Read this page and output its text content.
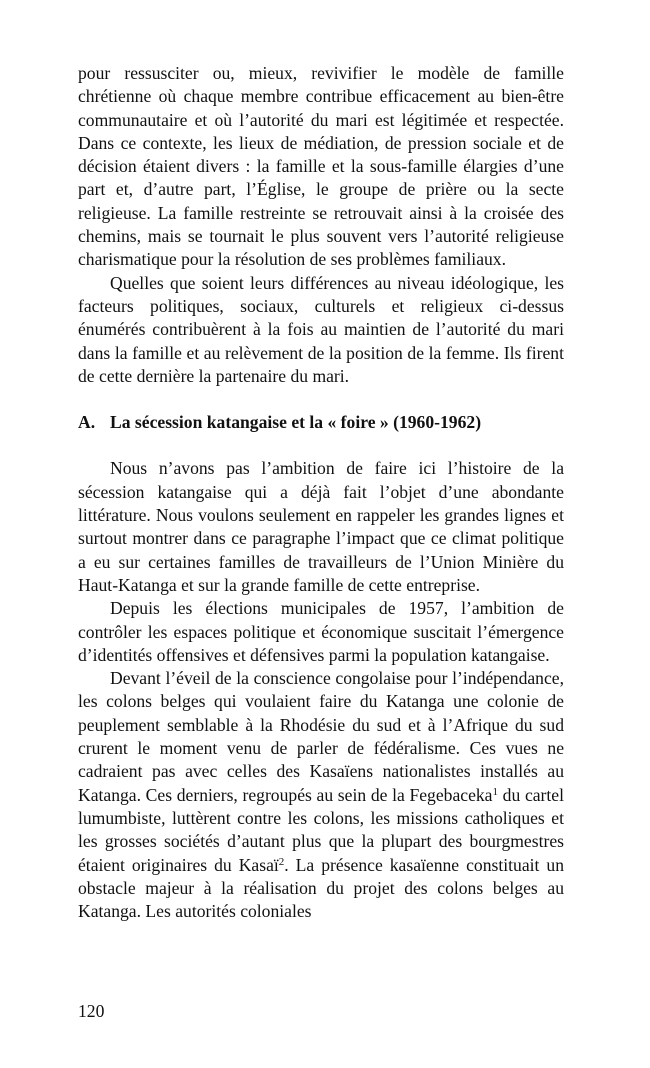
pour ressusciter ou, mieux, revivifier le modèle de famille chrétienne où chaque membre contribue efficacement au bien-être communautaire et où l’autorité du mari est légitimée et respectée. Dans ce contexte, les lieux de médiation, de pression sociale et de décision étaient divers : la famille et la sous-famille élargies d’une part et, d’autre part, l’Église, le groupe de prière ou la secte religieuse. La famille restreinte se retrouvait ainsi à la croisée des chemins, mais se tournait le plus souvent vers l’autorité religieuse charismatique pour la résolution de ses problèmes familiaux.

Quelles que soient leurs différences au niveau idéologique, les facteurs politiques, sociaux, culturels et religieux ci-dessus énumérés contribuèrent à la fois au maintien de l’autorité du mari dans la famille et au relèvement de la position de la femme. Ils firent de cette dernière la partenaire du mari.

A. La sécession katangaise et la « foire » (1960-1962)

Nous n’avons pas l’ambition de faire ici l’histoire de la sécession katangaise qui a déjà fait l’objet d’une abondante littérature. Nous voulons seulement en rappeler les grandes lignes et surtout montrer dans ce paragraphe l’impact que ce climat politique a eu sur certaines familles de travailleurs de l’Union Minière du Haut-Katanga et sur la grande famille de cette entreprise.

Depuis les élections municipales de 1957, l’ambition de contrôler les espaces politique et économique suscitait l’émergence d’identités offensives et défensives parmi la population katangaise.

Devant l’éveil de la conscience congolaise pour l’indépendance, les colons belges qui voulaient faire du Katanga une colonie de peuplement semblable à la Rhodésie du sud et à l’Afrique du sud crurent le moment venu de parler de fédéralisme. Ces vues ne cadraient pas avec celles des Kasaïens nationalistes installés au Katanga. Ces derniers, regroupés au sein de la Fegebaceka$^1$ du cartel lumumbiste, luttèrent contre les colons, les missions catholiques et les grosses sociétés d’autant plus que la plupart des bourgmestres étaient originaires du Kasaï$^2$. La présence kasaïenne constituait un obstacle majeur à la réalisation du projet des colons belges au Katanga. Les autorités coloniales

120
